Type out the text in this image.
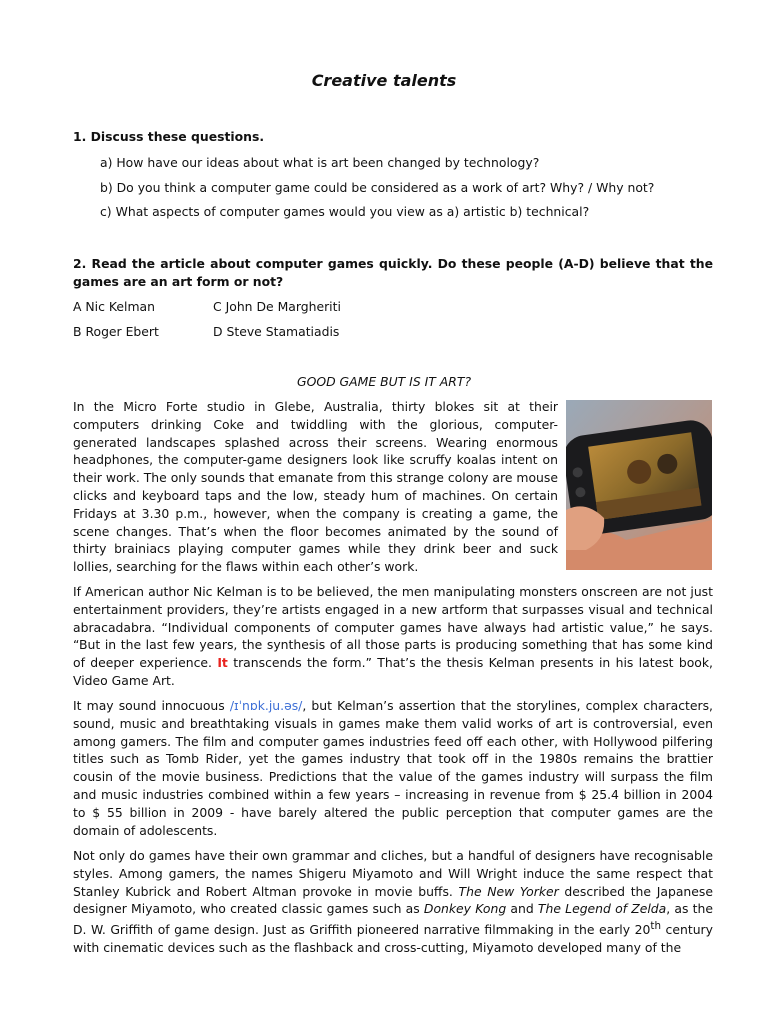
Creative talents
1. Discuss these questions.
a) How have our ideas about what is art been changed by technology?
b) Do you think a computer game could be considered as a work of art? Why? / Why not?
c) What aspects of computer games would you view as a) artistic b) technical?
2. Read the article about computer games quickly. Do these people (A-D) believe that the games are an art form or not?
A Nic Kelman	C John De Margheriti
B Roger Ebert	D Steve Stamatiadis
GOOD GAME BUT IS IT ART?

In the Micro Forte studio in Glebe, Australia, thirty blokes sit at their computers drinking Coke and twiddling with the glorious, computer-generated landscapes splashed across their screens. Wearing enormous headphones, the computer-game designers look like scruffy koalas intent on their work. The only sounds that emanate from this strange colony are mouse clicks and keyboard taps and the low, steady hum of machines. On certain Fridays at 3.30 p.m., however, when the company is creating a game, the scene changes. That’s when the floor becomes animated by the sound of thirty brainiacs playing computer games while they drink beer and suck lollies, searching for the flaws within each other’s work.

If American author Nic Kelman is to be believed, the men manipulating monsters onscreen are not just entertainment providers, they’re artists engaged in a new artform that surpasses visual and technical abracadabra. “Individual components of computer games have always had artistic value,” he says. “But in the last few years, the synthesis of all those parts is producing something that has some kind of deeper experience. It transcends the form.” That’s the thesis Kelman presents in his latest book, Video Game Art.

It may sound innocuous /ɪˈnɒk.ju.əs/, but Kelman’s assertion that the storylines, complex characters, sound, music and breathtaking visuals in games make them valid works of art is controversial, even among gamers. The film and computer games industries feed off each other, with Hollywood pilfering titles such as Tomb Rider, yet the games industry that took off in the 1980s remains the brattier cousin of the movie business. Predictions that the value of the games industry will surpass the film and music industries combined within a few years – increasing in revenue from $ 25.4 billion in 2004 to $ 55 billion in 2009 - have barely altered the public perception that computer games are the domain of adolescents.

Not only do games have their own grammar and cliches, but a handful of designers have recognisable styles. Among gamers, the names Shigeru Miyamoto and Will Wright induce the same respect that Stanley Kubrick and Robert Altman provoke in movie buffs. The New Yorker described the Japanese designer Miyamoto, who created classic games such as Donkey Kong and The Legend of Zelda, as the D. W. Griffith of game design. Just as Griffith pioneered narrative filmmaking in the early 20th century with cinematic devices such as the flashback and cross-cutting, Miyamoto developed many of the
